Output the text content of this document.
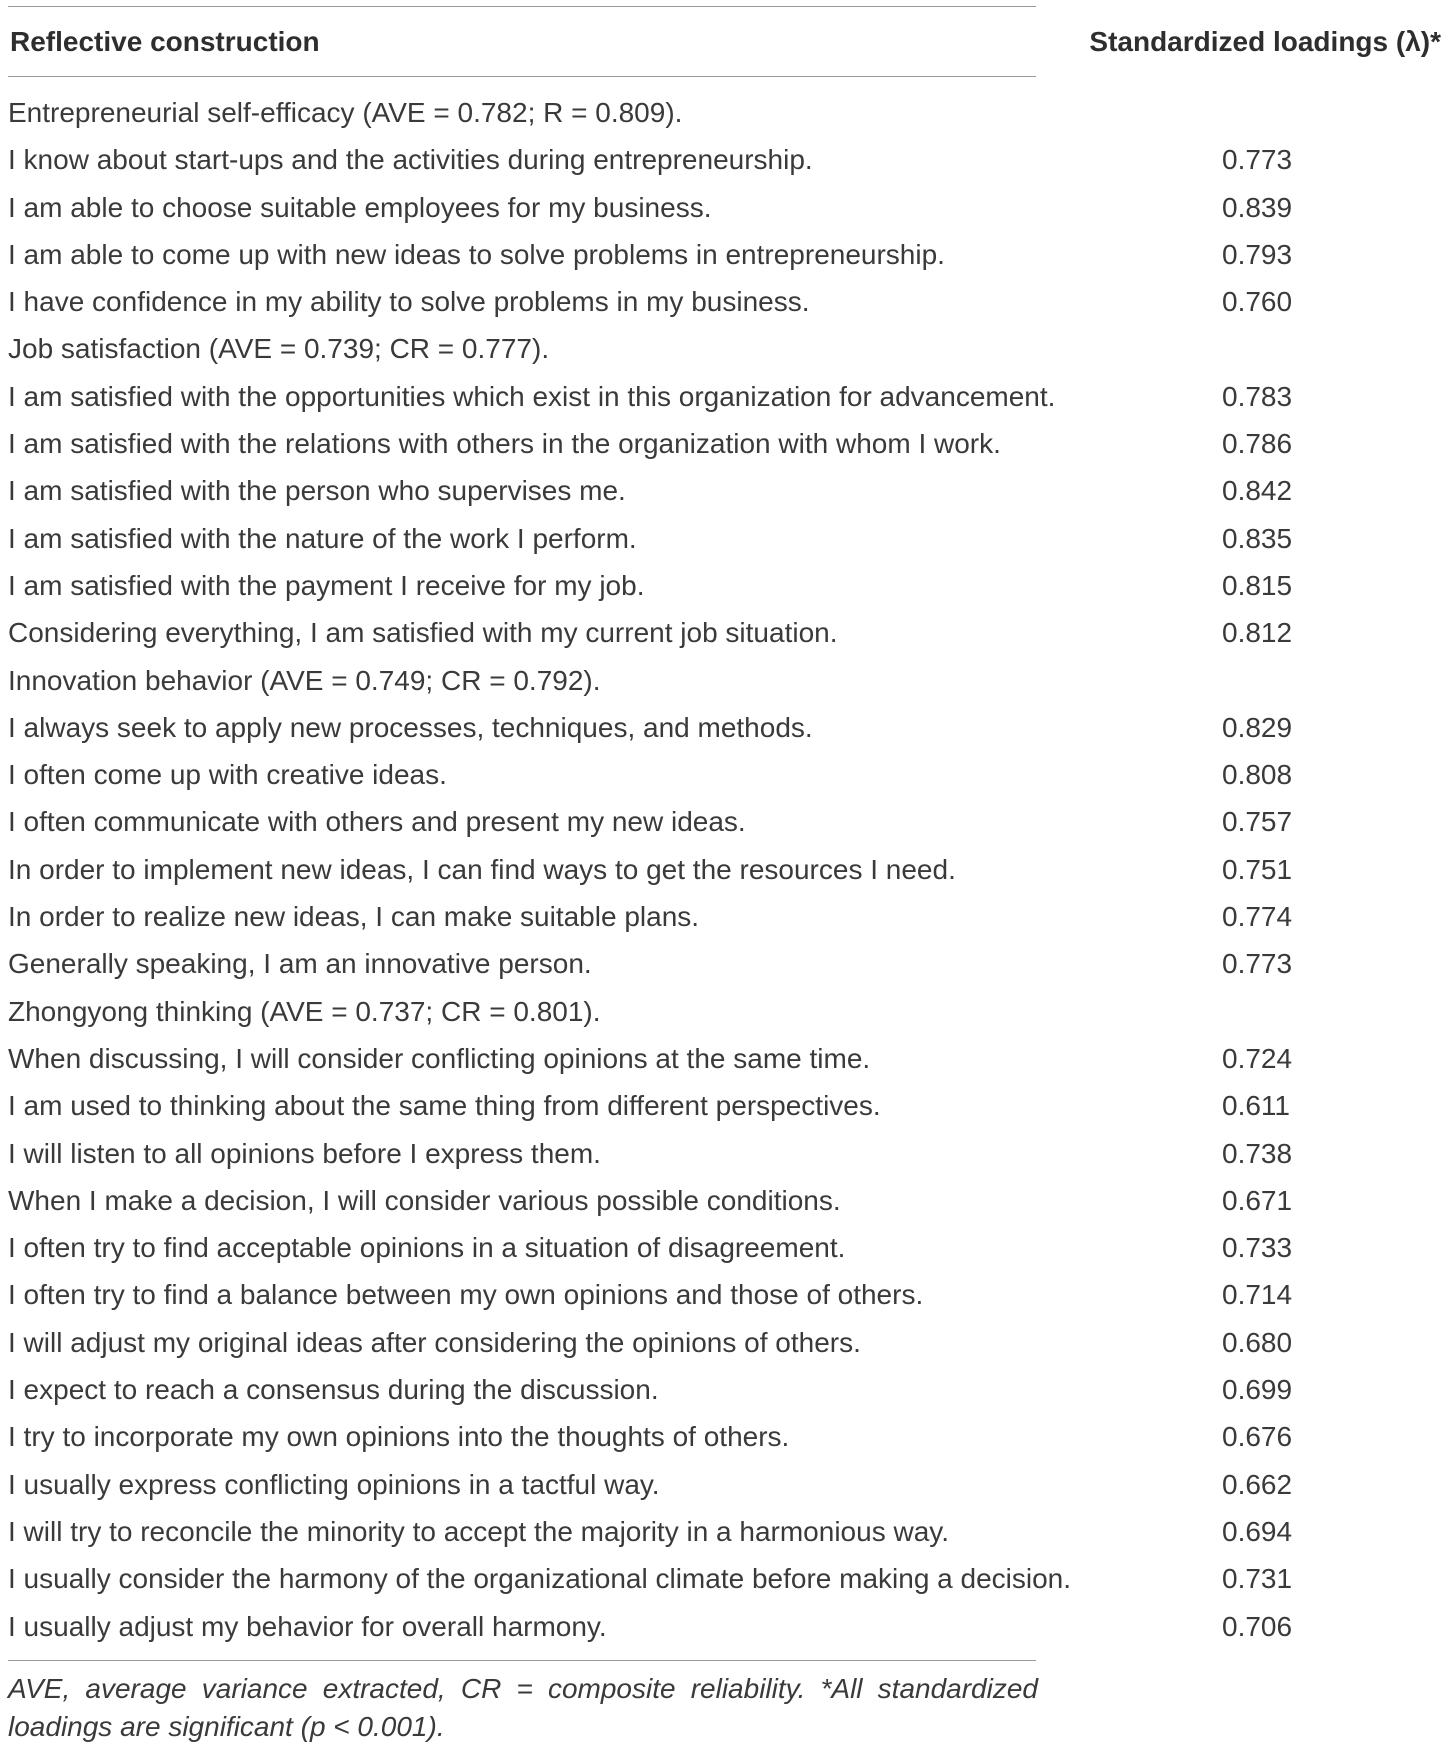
Reflective construction	Standardized loadings (λ)*
Entrepreneurial self-efficacy (AVE = 0.782; R = 0.809).
I know about start-ups and the activities during entrepreneurship.	0.773
I am able to choose suitable employees for my business.	0.839
I am able to come up with new ideas to solve problems in entrepreneurship.	0.793
I have confidence in my ability to solve problems in my business.	0.760
Job satisfaction (AVE = 0.739; CR = 0.777).
I am satisfied with the opportunities which exist in this organization for advancement.	0.783
I am satisfied with the relations with others in the organization with whom I work.	0.786
I am satisfied with the person who supervises me.	0.842
I am satisfied with the nature of the work I perform.	0.835
I am satisfied with the payment I receive for my job.	0.815
Considering everything, I am satisfied with my current job situation.	0.812
Innovation behavior (AVE = 0.749; CR = 0.792).
I always seek to apply new processes, techniques, and methods.	0.829
I often come up with creative ideas.	0.808
I often communicate with others and present my new ideas.	0.757
In order to implement new ideas, I can find ways to get the resources I need.	0.751
In order to realize new ideas, I can make suitable plans.	0.774
Generally speaking, I am an innovative person.	0.773
Zhongyong thinking (AVE = 0.737; CR = 0.801).
When discussing, I will consider conflicting opinions at the same time.	0.724
I am used to thinking about the same thing from different perspectives.	0.611
I will listen to all opinions before I express them.	0.738
When I make a decision, I will consider various possible conditions.	0.671
I often try to find acceptable opinions in a situation of disagreement.	0.733
I often try to find a balance between my own opinions and those of others.	0.714
I will adjust my original ideas after considering the opinions of others.	0.680
I expect to reach a consensus during the discussion.	0.699
I try to incorporate my own opinions into the thoughts of others.	0.676
I usually express conflicting opinions in a tactful way.	0.662
I will try to reconcile the minority to accept the majority in a harmonious way.	0.694
I usually consider the harmony of the organizational climate before making a decision.	0.731
I usually adjust my behavior for overall harmony.	0.706
AVE, average variance extracted, CR = composite reliability. *All standardized loadings are significant (p < 0.001).
